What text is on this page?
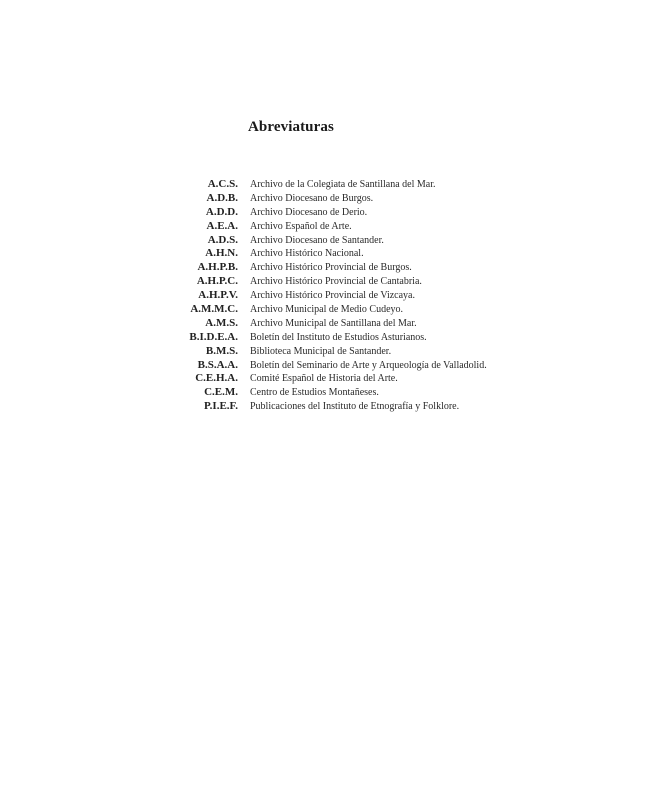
Abreviaturas
A.C.S. Archivo de la Colegiata de Santillana del Mar.
A.D.B. Archivo Diocesano de Burgos.
A.D.D. Archivo Diocesano de Derio.
A.E.A. Archivo Español de Arte.
A.D.S. Archivo Diocesano de Santander.
A.H.N. Archivo Histórico Nacional.
A.H.P.B. Archivo Histórico Provincial de Burgos.
A.H.P.C. Archivo Histórico Provincial de Cantabria.
A.H.P.V. Archivo Histórico Provincial de Vizcaya.
A.M.M.C. Archivo Municipal de Medio Cudeyo.
A.M.S. Archivo Municipal de Santillana del Mar.
B.I.D.E.A. Boletín del Instituto de Estudios Asturianos.
B.M.S. Biblioteca Municipal de Santander.
B.S.A.A. Boletín del Seminario de Arte y Arqueología de Valladolid.
C.E.H.A. Comité Español de Historia del Arte.
C.E.M. Centro de Estudios Montañeses.
P.I.E.F. Publicaciones del Instituto de Etnografía y Folklore.
